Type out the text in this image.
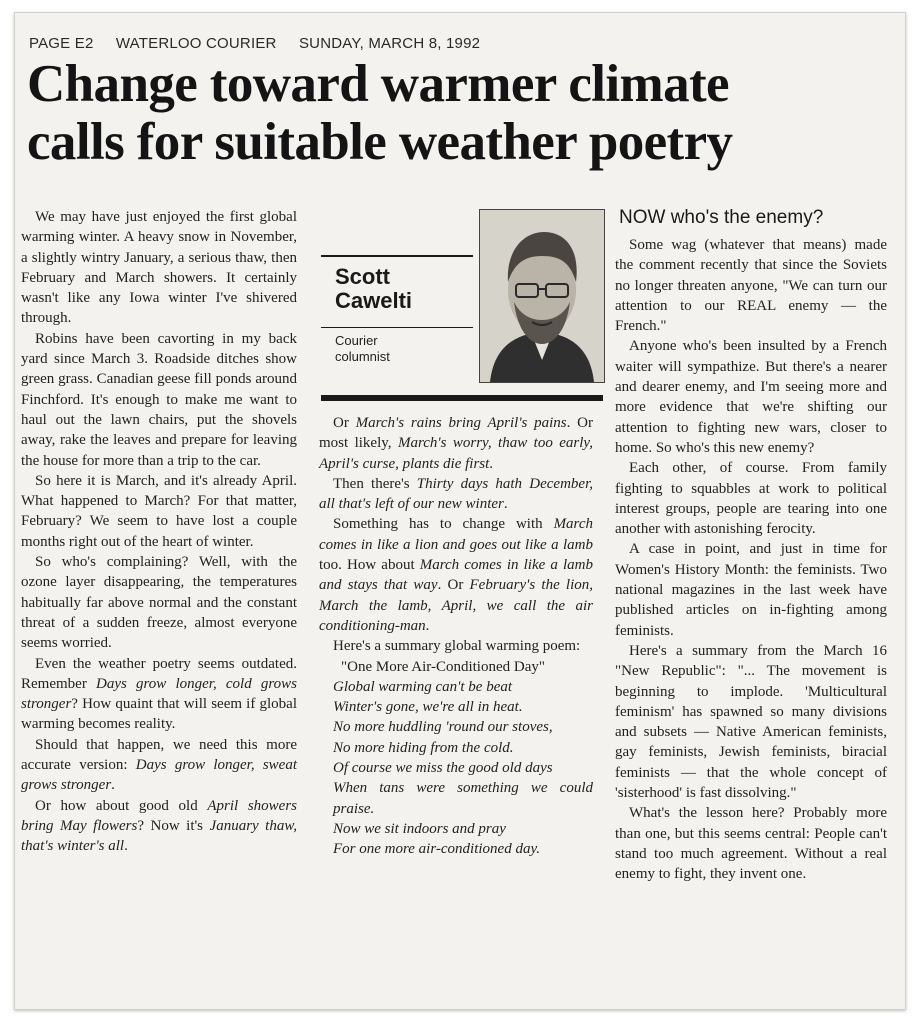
PAGE E2 WATERLOO COURIER SUNDAY, MARCH 8, 1992
Change toward warmer climate
calls for suitable weather poetry

We may have just enjoyed the first global warming winter. A heavy snow in November, a slightly wintry January, a serious thaw, then February and March showers. It certainly wasn't like any Iowa winter I've shivered through.

Robins have been cavorting in my back yard since March 3. Roadside ditches show green grass. Canadian geese fill ponds around Finchford. It's enough to make me want to haul out the lawn chairs, put the shovels away, rake the leaves and prepare for leaving the house for more than a trip to the car.

So here it is March, and it's already April. What happened to March? For that matter, February? We seem to have lost a couple months right out of the heart of winter.

So who's complaining? Well, with the ozone layer disappearing, the temperatures habitually far above normal and the constant threat of a sudden freeze, almost everyone seems worried.

Even the weather poetry seems outdated. Remember Days grow longer, cold grows stronger? How quaint that will seem if global warming becomes reality.

Should that happen, we need this more accurate version: Days grow longer, sweat grows stronger.

Or how about good old April showers bring May flowers? Now it's January thaw, that's winter's all.

Scott
Cawelti
Courier
columnist

Or March's rains bring April's pains. Or most likely, March's worry, thaw too early, April's curse, plants die first.

Then there's Thirty days hath December, all that's left of our new winter.

Something has to change with March comes in like a lion and goes out like a lamb too. How about March comes in like a lamb and stays that way. Or February's the lion, March the lamb, April, we call the air conditioning-man.

Here's a summary global warming poem:

"One More Air-Conditioned Day"
Global warming can't be beat
Winter's gone, we're all in heat.
No more huddling 'round our stoves,
No more hiding from the cold.
Of course we miss the good old days
When tans were something we could praise.
Now we sit indoors and pray
For one more air-conditioned day.
NOW who's the enemy?

Some wag (whatever that means) made the comment recently that since the Soviets no longer threaten anyone, "We can turn our attention to our REAL enemy — the French."

Anyone who's been insulted by a French waiter will sympathize. But there's a nearer and dearer enemy, and I'm seeing more and more evidence that we're shifting our attention to fighting new wars, closer to home. So who's this new enemy?

Each other, of course. From family fighting to squabbles at work to political interest groups, people are tearing into one another with astonishing ferocity.

A case in point, and just in time for Women's History Month: the feminists. Two national magazines in the last week have published articles on in-fighting among feminists.

Here's a summary from the March 16 "New Republic": "... The movement is beginning to implode. 'Multicultural feminism' has spawned so many divisions and subsets — Native American feminists, gay feminists, Jewish feminists, biracial feminists — that the whole concept of 'sisterhood' is fast dissolving."

What's the lesson here? Probably more than one, but this seems central: People can't stand too much agreement. Without a real enemy to fight, they invent one.
